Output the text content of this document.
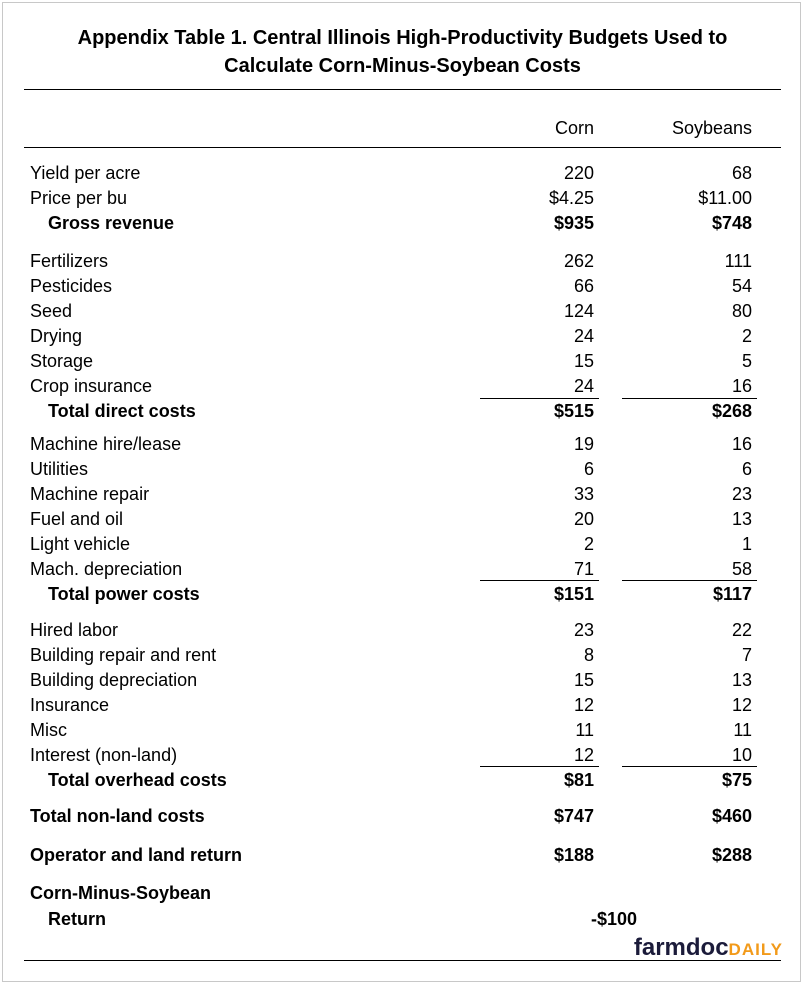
Appendix Table 1. Central Illinois High-Productivity Budgets Used to
Calculate Corn-Minus-Soybean Costs
Corn	Soybeans
Yield per acre	220	68
Price per bu	$4.25	$11.00
Gross revenue	$935	$748
Fertilizers	262	111
Pesticides	66	54
Seed	124	80
Drying	24	2
Storage	15	5
Crop insurance	24	16
Total direct costs	$515	$268
Machine hire/lease	19	16
Utilities	6	6
Machine repair	33	23
Fuel and oil	20	13
Light vehicle	2	1
Mach. depreciation	71	58
Total power costs	$151	$117
Hired labor	23	22
Building repair and rent	8	7
Building depreciation	15	13
Insurance	12	12
Misc	11	11
Interest (non-land)	12	10
Total overhead costs	$81	$75
Total non-land costs	$747	$460
Operator and land return	$188	$288
Corn-Minus-Soybean
Return	-$100
farmdocDAILY
